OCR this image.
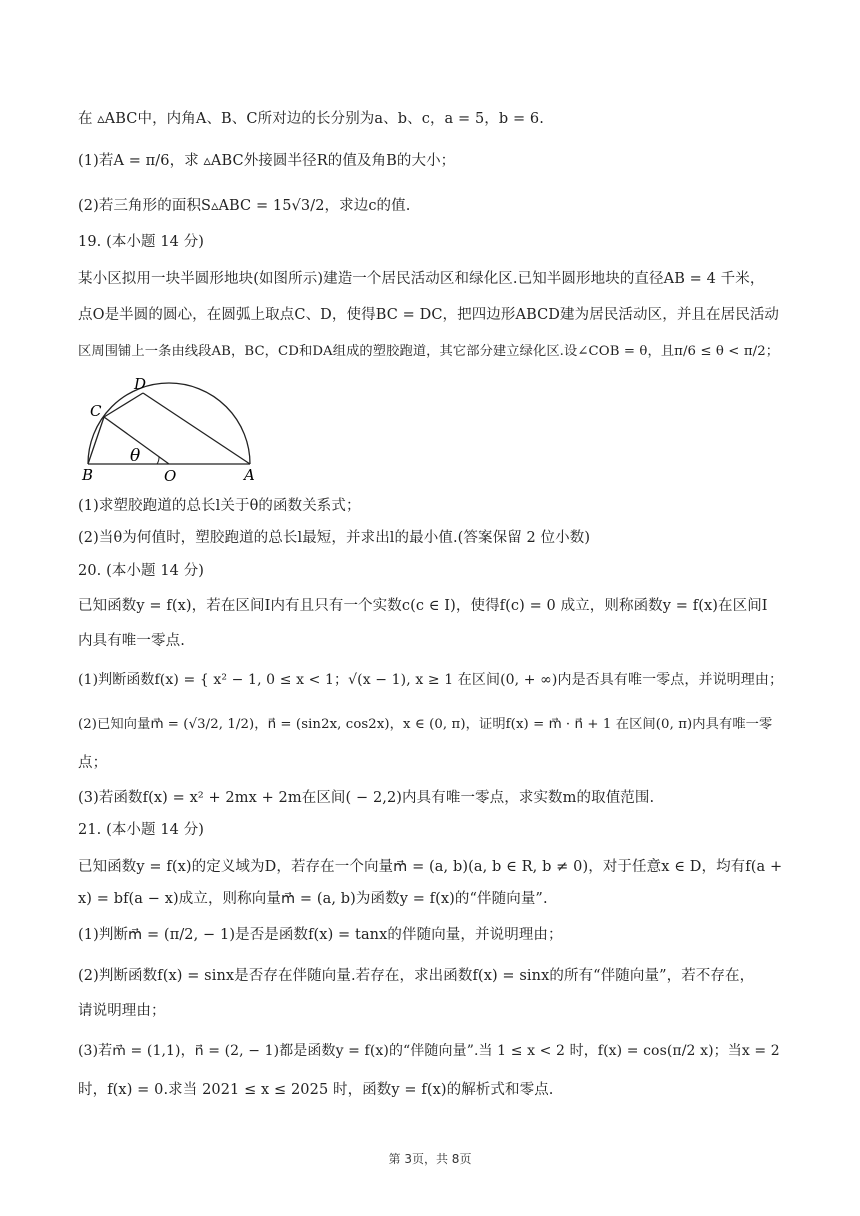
在 ▵ABC中，内角A、B、C所对边的长分别为a、b、c，a = 5，b = 6.
(1)若A = π/6，求 ▵ABC外接圆半径R的值及角B的大小；
(2)若三角形的面积S▵ABC = 15√3/2，求边c的值.
19. (本小题 14 分)
某小区拟用一块半圆形地块(如图所示)建造一个居民活动区和绿化区.已知半圆形地块的直径AB = 4 千米，
点O是半圆的圆心，在圆弧上取点C、D，使得BC = DC，把四边形ABCD建为居民活动区，并且在居民活动
区周围铺上一条由线段AB，BC，CD和DA组成的塑胶跑道，其它部分建立绿化区.设∠COB = θ，且π/6 ≤ θ < π/2；
B	O	A
C
D
θ
(1)求塑胶跑道的总长l关于θ的函数关系式；
(2)当θ为何值时，塑胶跑道的总长l最短，并求出l的最小值.(答案保留 2 位小数)
20. (本小题 14 分)
已知函数y = f(x)，若在区间I内有且只有一个实数c(c ∈ I)，使得f(c) = 0 成立，则称函数y = f(x)在区间I
内具有唯一零点.
(1)判断函数f(x) = { x² − 1, 0 ≤ x < 1；√(x − 1), x ≥ 1 在区间(0, + ∞)内是否具有唯一零点，并说明理由；
(2)已知向量m⃗ = (√3/2, 1/2)，n⃗ = (sin2x, cos2x)，x ∈ (0, π)，证明f(x) = m⃗ · n⃗ + 1 在区间(0, π)内具有唯一零
点；
(3)若函数f(x) = x² + 2mx + 2m在区间( − 2,2)内具有唯一零点，求实数m的取值范围.
21. (本小题 14 分)
已知函数y = f(x)的定义域为D，若存在一个向量m⃗ = (a, b)(a, b ∈ R, b ≠ 0)，对于任意x ∈ D，均有f(a +
x) = bf(a − x)成立，则称向量m⃗ = (a, b)为函数y = f(x)的“伴随向量”.
(1)判断m⃗ = (π/2, − 1)是否是函数f(x) = tanx的伴随向量，并说明理由；
(2)判断函数f(x) = sinx是否存在伴随向量.若存在，求出函数f(x) = sinx的所有“伴随向量”，若不存在，
请说明理由；
(3)若m⃗ = (1,1)，n⃗ = (2, − 1)都是函数y = f(x)的“伴随向量”.当 1 ≤ x < 2 时，f(x) = cos(π/2 x)；当x = 2
时，f(x) = 0.求当 2021 ≤ x ≤ 2025 时，函数y = f(x)的解析式和零点.
第 3页，共 8页
